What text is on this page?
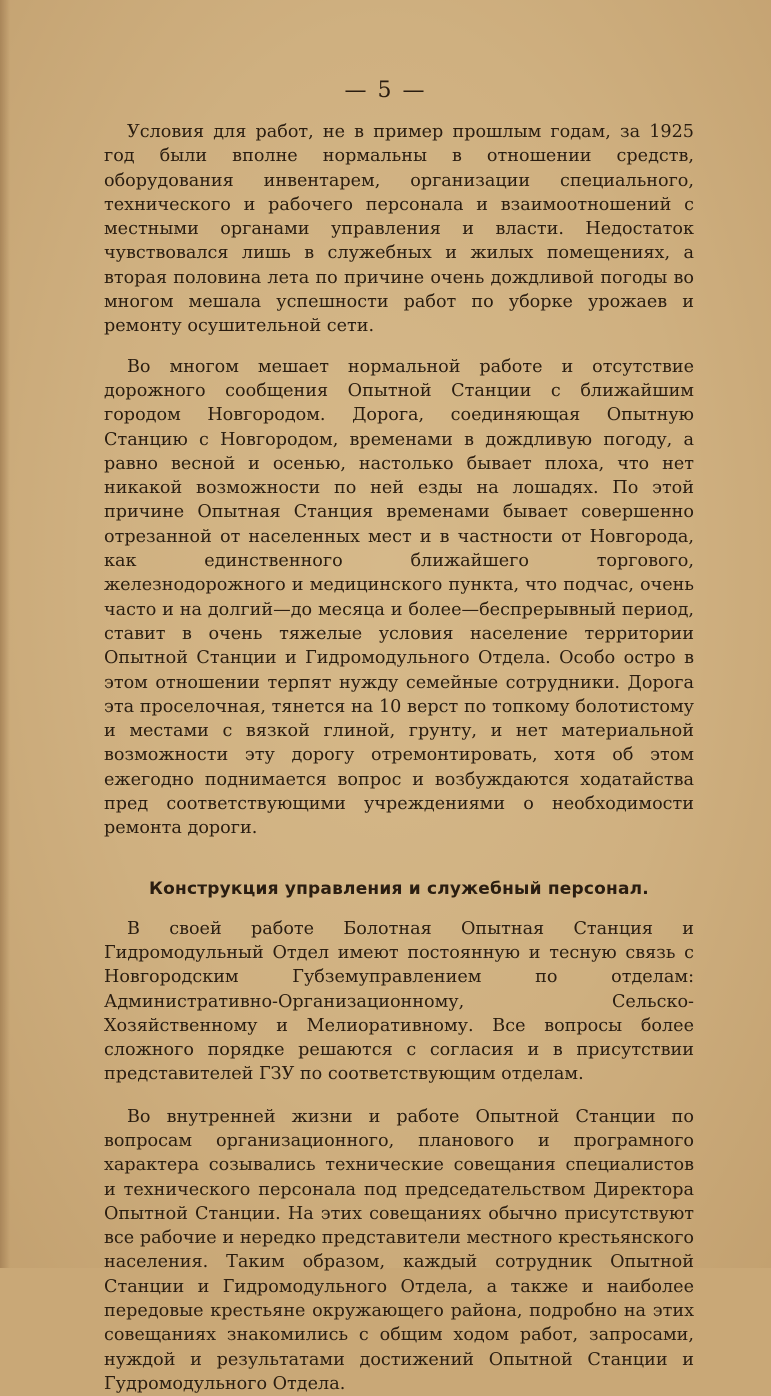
— 5 —

Условия для работ, не в пример прошлым годам, за 1925 год были вполне нормальны в отношении средств, оборудования инвентарем, организации специального, технического и рабочего персонала и взаимоотношений с местными органами управления и власти. Недостаток чувствовался лишь в служебных и жилых помещениях, а вторая половина лета по причине очень дождливой погоды во многом мешала успешности работ по уборке урожаев и ремонту осушительной сети.

Во многом мешает нормальной работе и отсутствие дорожного сообщения Опытной Станции с ближайшим городом Новгородом. Дорога, соединяющая Опытную Станцию с Новгородом, временами в дождливую погоду, а равно весной и осенью, настолько бывает плоха, что нет никакой возможности по ней езды на лошадях. По этой причине Опытная Станция временами бывает совершенно отрезанной от населенных мест и в частности от Новгорода, как единственного ближайшего торгового, железнодорожного и медицинского пункта, что подчас, очень часто и на долгий—до месяца и более—беспрерывный период, ставит в очень тяжелые условия население территории Опытной Станции и Гидромодульного Отдела. Особо остро в этом отношении терпят нужду семейные сотрудники. Дорога эта проселочная, тянется на 10 верст по топкому болотистому и местами с вязкой глиной, грунту, и нет материальной возможности эту дорогу отремонтировать, хотя об этом ежегодно поднимается вопрос и возбуждаются ходатайства пред соответствующими учреждениями о необходимости ремонта дороги.

Конструкция управления и служебный персонал.

В своей работе Болотная Опытная Станция и Гидромодульный Отдел имеют постоянную и тесную связь с Новгородским Губземуправлением по отделам: Административно-Организационному, Сельско-Хозяйственному и Мелиоративному. Все вопросы более сложного порядке решаются с согласия и в присутствии представителей ГЗУ по соответствующим отделам.

Во внутренней жизни и работе Опытной Станции по вопросам организационного, планового и програмного характера созывались технические совещания специалистов и технического персонала под председательством Директора Опытной Станции. На этих совещаниях обычно присутствуют все рабочие и нередко представители местного крестьянского населения. Таким образом, каждый сотрудник Опытной Станции и Гидромодульного Отдела, а также и наиболее передовые крестьяне окружающего района, подробно на этих совещаниях знакомились с общим ходом работ, запросами, нуждой и результатами достижений Опытной Станции и Гудромодульного Отдела.
